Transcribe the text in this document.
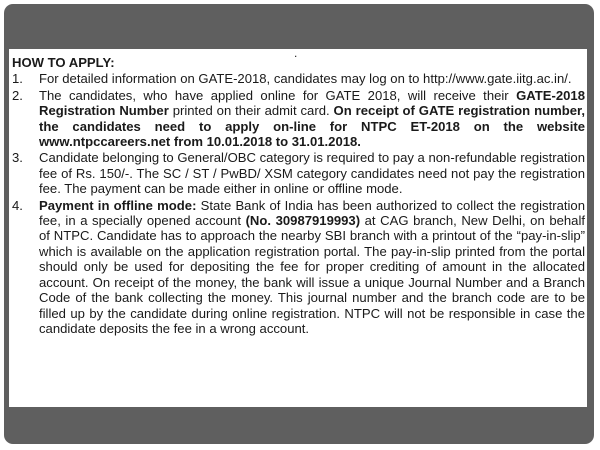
.
HOW TO APPLY:
1. For detailed information on GATE-2018, candidates may log on to http://www.gate.iitg.ac.in/.
2. The candidates, who have applied online for GATE 2018, will receive their GATE-2018 Registration Number printed on their admit card. On receipt of GATE registration number, the candidates need to apply on-line for NTPC ET-2018 on the website www.ntpccareers.net from 10.01.2018 to 31.01.2018.
3. Candidate belonging to General/OBC category is required to pay a non-refundable registration fee of Rs. 150/-. The SC / ST / PwBD/ XSM category candidates need not pay the registration fee. The payment can be made either in online or offline mode.
4. Payment in offline mode: State Bank of India has been authorized to collect the registration fee, in a specially opened account (No. 30987919993) at CAG branch, New Delhi, on behalf of NTPC. Candidate has to approach the nearby SBI branch with a printout of the “pay-in-slip” which is available on the application registration portal. The pay-in-slip printed from the portal should only be used for depositing the fee for proper crediting of amount in the allocated account. On receipt of the money, the bank will issue a unique Journal Number and a Branch Code of the bank collecting the money. This journal number and the branch code are to be filled up by the candidate during online registration. NTPC will not be responsible in case the candidate deposits the fee in a wrong account.
